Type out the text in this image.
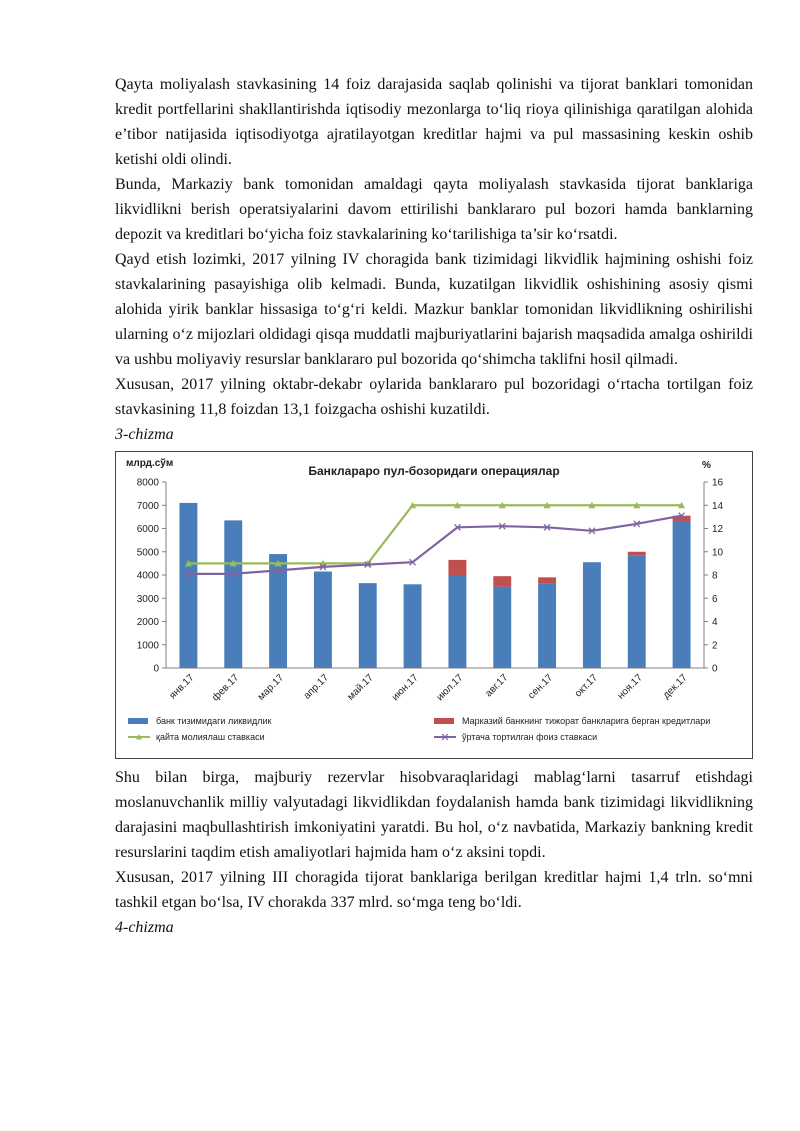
Qayta moliyalash stavkasining 14 foiz darajasida saqlab qolinishi va tijorat banklari tomonidan kredit portfellarini shakllantirishda iqtisodiy mezonlarga to‘liq rioya qilinishiga qaratilgan alohida e’tibor natijasida iqtisodiyotga ajratilayotgan kreditlar hajmi va pul massasining keskin oshib ketishi oldi olindi.

Bunda, Markaziy bank tomonidan amaldagi qayta moliyalash stavkasida tijorat banklariga likvidlikni berish operatsiyalarini davom ettirilishi banklararo pul bozori hamda banklarning depozit va kreditlari bo‘yicha foiz stavkalarining ko‘tarilishiga ta’sir ko‘rsatdi.

Qayd etish lozimki, 2017 yilning IV choragida bank tizimidagi likvidlik hajmining oshishi foiz stavkalarining pasayishiga olib kelmadi. Bunda, kuzatilgan likvidlik oshishining asosiy qismi alohida yirik banklar hissasiga to‘g‘ri keldi. Mazkur banklar tomonidan likvidlikning oshirilishi ularning o‘z mijozlari oldidagi qisqa muddatli majburiyatlarini bajarish maqsadida amalga oshirildi va ushbu moliyaviy resurslar banklararo pul bozorida qo‘shimcha taklifni hosil qilmadi.

Xususan, 2017 yilning oktabr-dekabr oylarida banklararo pul bozoridagi o‘rtacha tortilgan foiz stavkasining 11,8 foizdan 13,1 foizgacha oshishi kuzatildi.

3-chizma

Банклараро пул-бозоридаги операциялар
млрд.сўм	%
0
1000
2000
3000
4000
5000
6000
7000
8000
0
2
4
6
8
10
12
14
16
янв.17 фев.17 мар.17 апр.17 май.17 июн.17 июл.17 авг.17 сен.17 окт.17 ноя.17 дек.17
банк тизимидаги ликвидлик	Марказий банкнинг тижорат банкларига берган кредитлари
қайта молиялаш ставкаси	ўртача тортилган фоиз ставкаси

Shu bilan birga, majburiy rezervlar hisobvaraqlaridagi mablag‘larni tasarruf etishdagi moslanuvchanlik milliy valyutadagi likvidlikdan foydalanish hamda bank tizimidagi likvidlikning darajasini maqbullashtirish imkoniyatini yaratdi. Bu hol, o‘z navbatida, Markaziy bankning kredit resurslarini taqdim etish amaliyotlari hajmida ham o‘z aksini topdi.

Xususan, 2017 yilning III choragida tijorat banklariga berilgan kreditlar hajmi 1,4 trln. so‘mni tashkil etgan bo‘lsa, IV chorakda 337 mlrd. so‘mga teng bo‘ldi.

4-chizma
